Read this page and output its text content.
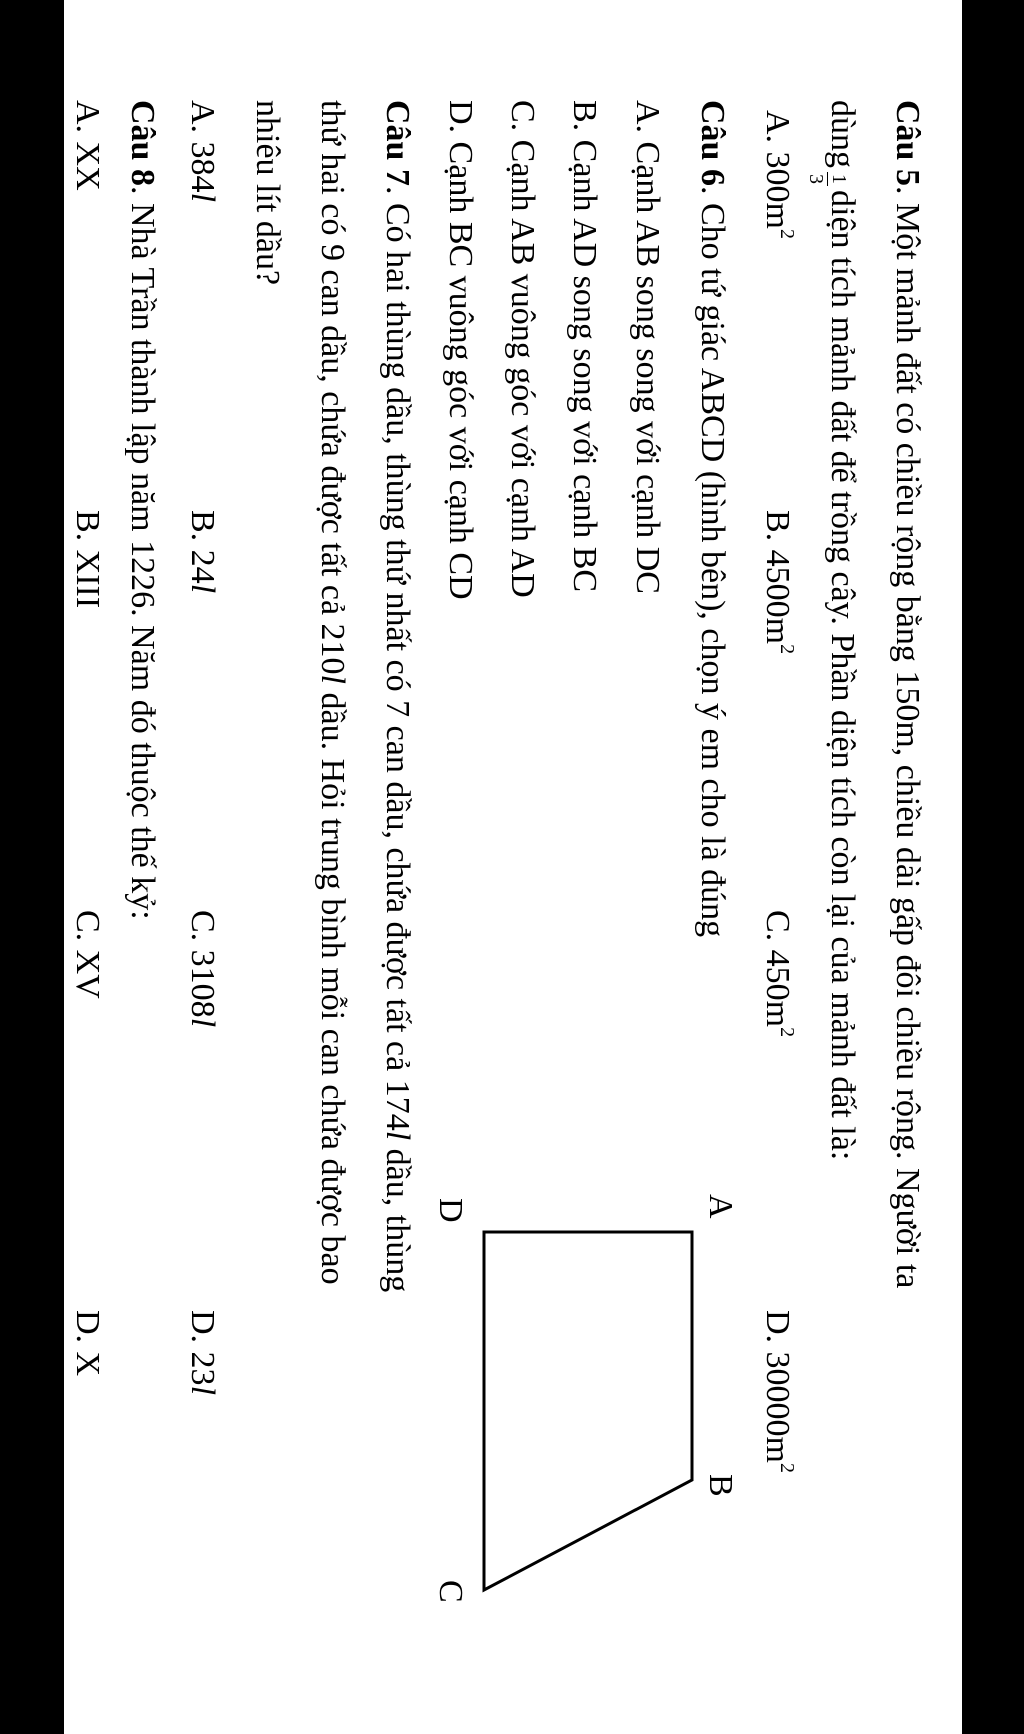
Câu 5. Một mảnh đất có chiều rộng bằng 150m, chiều dài gấp đôi chiều rộng. Người ta
dùng
1
3
diện tích mảnh đất để trồng cây. Phần diện tích còn lại của mảnh đất là:
A. $300m^2$
B. $4500m^2$
C. $450m^2$
D. $30000m^2$
Câu 6. Cho tứ giác ABCD (hình bên), chọn ý em cho là đúng
A. Cạnh AB song song với cạnh DC
B. Cạnh AD song song với cạnh BC
C. Cạnh AB vuông góc với cạnh AD
D. Cạnh BC vuông góc với cạnh CD
A
B
C
D
Câu 7. Có hai thùng dầu, thùng thứ nhất có 7 can dầu, chứa được tất cả 174l dầu, thùng
thứ hai có 9 can dầu, chứa được tất cả 210l dầu. Hỏi trung bình mỗi can chứa được bao
nhiêu lít dầu?
A. 384l
B. 24l
C. 3108l
D. 23l
Câu 8. Nhà Trần thành lập năm 1226. Năm đó thuộc thế kỷ:
A. XX
B. XIII
C. XV
D. X
